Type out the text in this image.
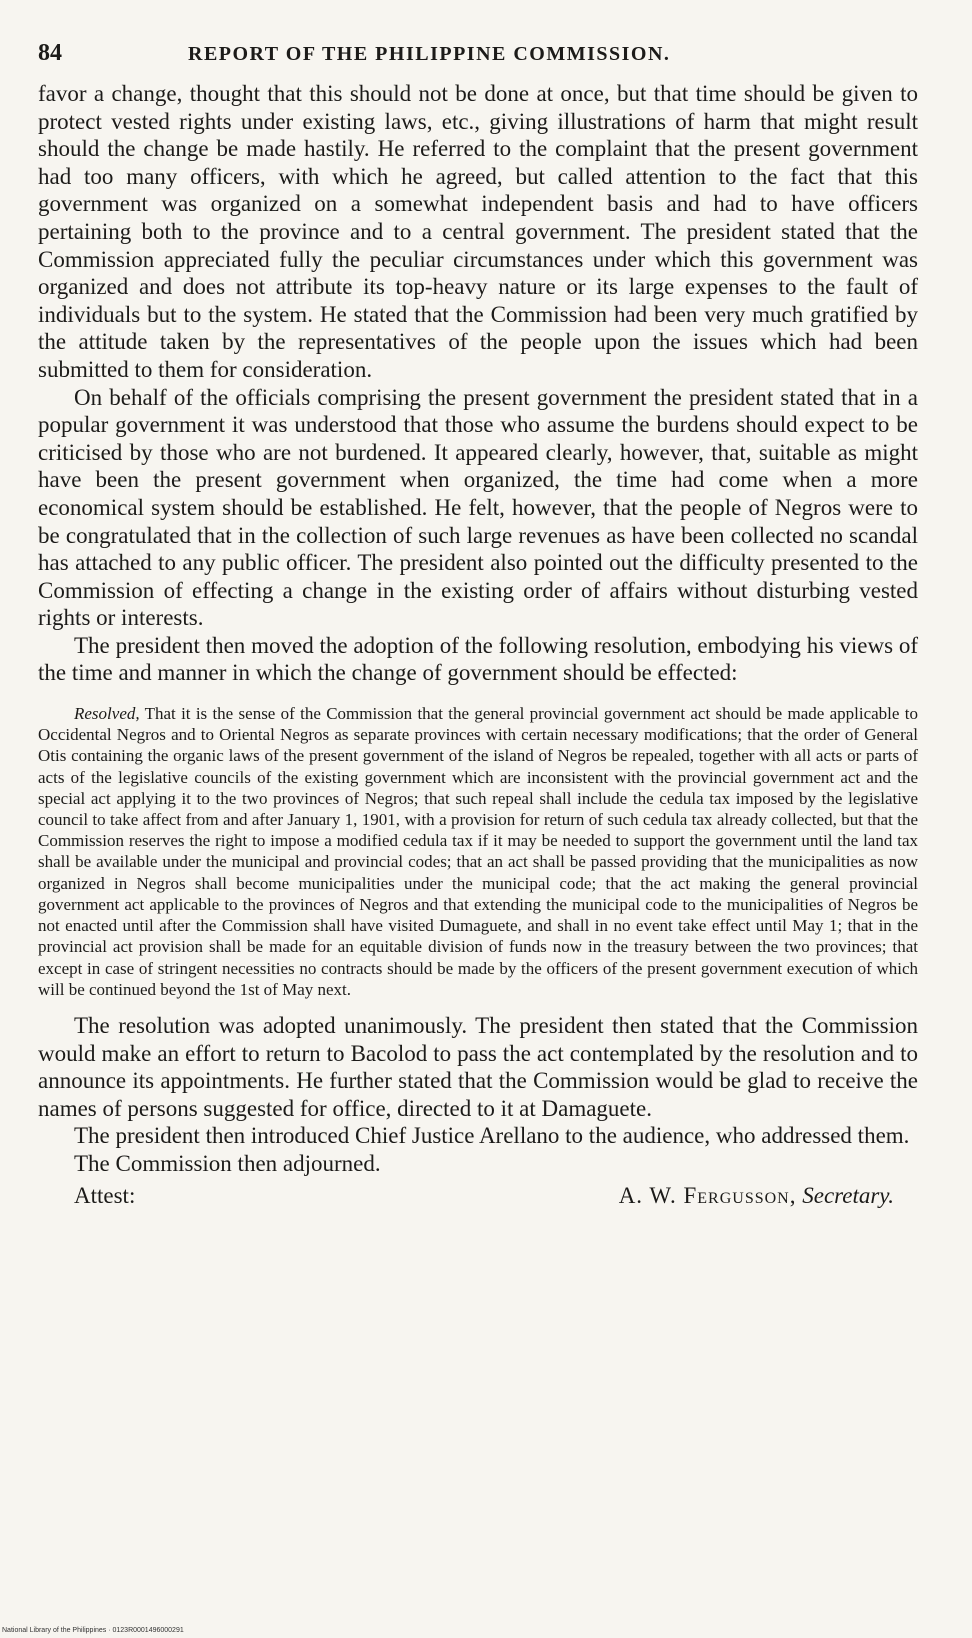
84	REPORT OF THE PHILIPPINE COMMISSION.

favor a change, thought that this should not be done at once, but that time should be given to protect vested rights under existing laws, etc., giving illustrations of harm that might result should the change be made hastily. He referred to the complaint that the present government had too many officers, with which he agreed, but called attention to the fact that this government was organized on a somewhat independent basis and had to have officers pertaining both to the province and to a central government. The president stated that the Commission appreciated fully the peculiar circumstances under which this government was organized and does not attribute its top-heavy nature or its large expenses to the fault of individuals but to the system. He stated that the Commission had been very much gratified by the attitude taken by the representatives of the people upon the issues which had been submitted to them for consideration.

On behalf of the officials comprising the present government the president stated that in a popular government it was understood that those who assume the burdens should expect to be criticised by those who are not burdened. It appeared clearly, however, that, suitable as might have been the present government when organized, the time had come when a more economical system should be established. He felt, however, that the people of Negros were to be congratulated that in the collection of such large revenues as have been collected no scandal has attached to any public officer. The president also pointed out the difficulty presented to the Commission of effecting a change in the existing order of affairs without disturbing vested rights or interests.

The president then moved the adoption of the following resolution, embodying his views of the time and manner in which the change of government should be effected:

Resolved, That it is the sense of the Commission that the general provincial government act should be made applicable to Occidental Negros and to Oriental Negros as separate provinces with certain necessary modifications; that the order of General Otis containing the organic laws of the present government of the island of Negros be repealed, together with all acts or parts of acts of the legislative councils of the existing government which are inconsistent with the provincial government act and the special act applying it to the two provinces of Negros; that such repeal shall include the cedula tax imposed by the legislative council to take affect from and after January 1, 1901, with a provision for return of such cedula tax already collected, but that the Commission reserves the right to impose a modified cedula tax if it may be needed to support the government until the land tax shall be available under the municipal and provincial codes; that an act shall be passed providing that the municipalities as now organized in Negros shall become municipalities under the municipal code; that the act making the general provincial government act applicable to the provinces of Negros and that extending the municipal code to the municipalities of Negros be not enacted until after the Commission shall have visited Dumaguete, and shall in no event take effect until May 1; that in the provincial act provision shall be made for an equitable division of funds now in the treasury between the two provinces; that except in case of stringent necessities no contracts should be made by the officers of the present government execution of which will be continued beyond the 1st of May next.

The resolution was adopted unanimously. The president then stated that the Commission would make an effort to return to Bacolod to pass the act contemplated by the resolution and to announce its appointments. He further stated that the Commission would be glad to receive the names of persons suggested for office, directed to it at Damaguete.

The president then introduced Chief Justice Arellano to the audience, who addressed them.

The Commission then adjourned.

Attest:	A. W. Fergusson, Secretary.
National Library of the Philippines · 0123R0001496000291
